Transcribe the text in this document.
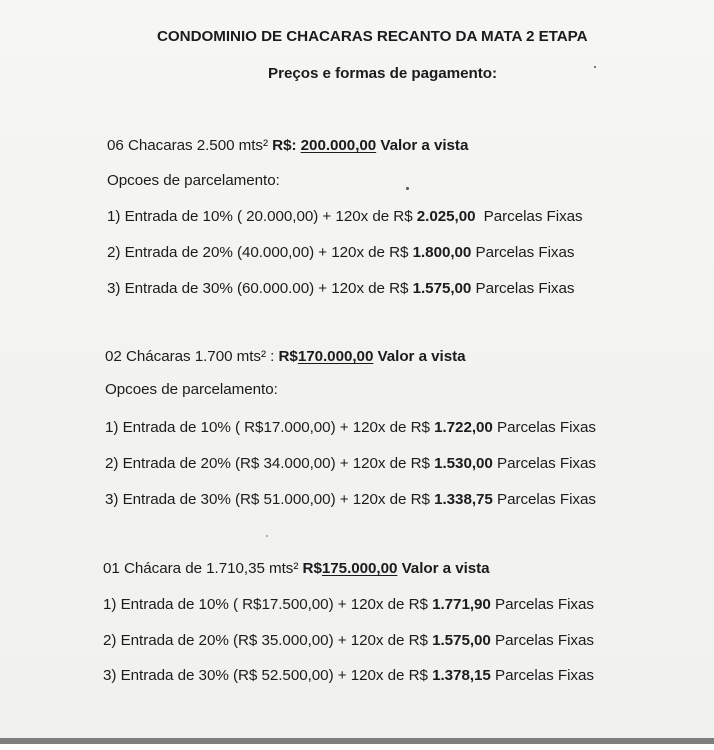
CONDOMINIO DE CHACARAS RECANTO DA MATA 2 ETAPA
Preços e formas de pagamento:
06 Chacaras 2.500 mts² R$: 200.000,00 Valor a vista
Opcoes de parcelamento:
1) Entrada de 10% ( 20.000,00) + 120x de R$ 2.025,00 Parcelas Fixas
2) Entrada de 20% (40.000,00) + 120x de R$ 1.800,00 Parcelas Fixas
3) Entrada de 30% (60.000.00) + 120x de R$ 1.575,00 Parcelas Fixas
02 Chácaras 1.700 mts² : R$170.000,00 Valor a vista
Opcoes de parcelamento:
1) Entrada de 10% ( R$17.000,00) + 120x de R$ 1.722,00 Parcelas Fixas
2) Entrada de 20% (R$ 34.000,00) + 120x de R$ 1.530,00 Parcelas Fixas
3) Entrada de 30% (R$ 51.000,00) + 120x de R$ 1.338,75 Parcelas Fixas
01 Chácara de 1.710,35 mts² R$175.000,00 Valor a vista
1) Entrada de 10% ( R$17.500,00) + 120x de R$ 1.771,90 Parcelas Fixas
2) Entrada de 20% (R$ 35.000,00) + 120x de R$ 1.575,00 Parcelas Fixas
3) Entrada de 30% (R$ 52.500,00) + 120x de R$ 1.378,15 Parcelas Fixas
